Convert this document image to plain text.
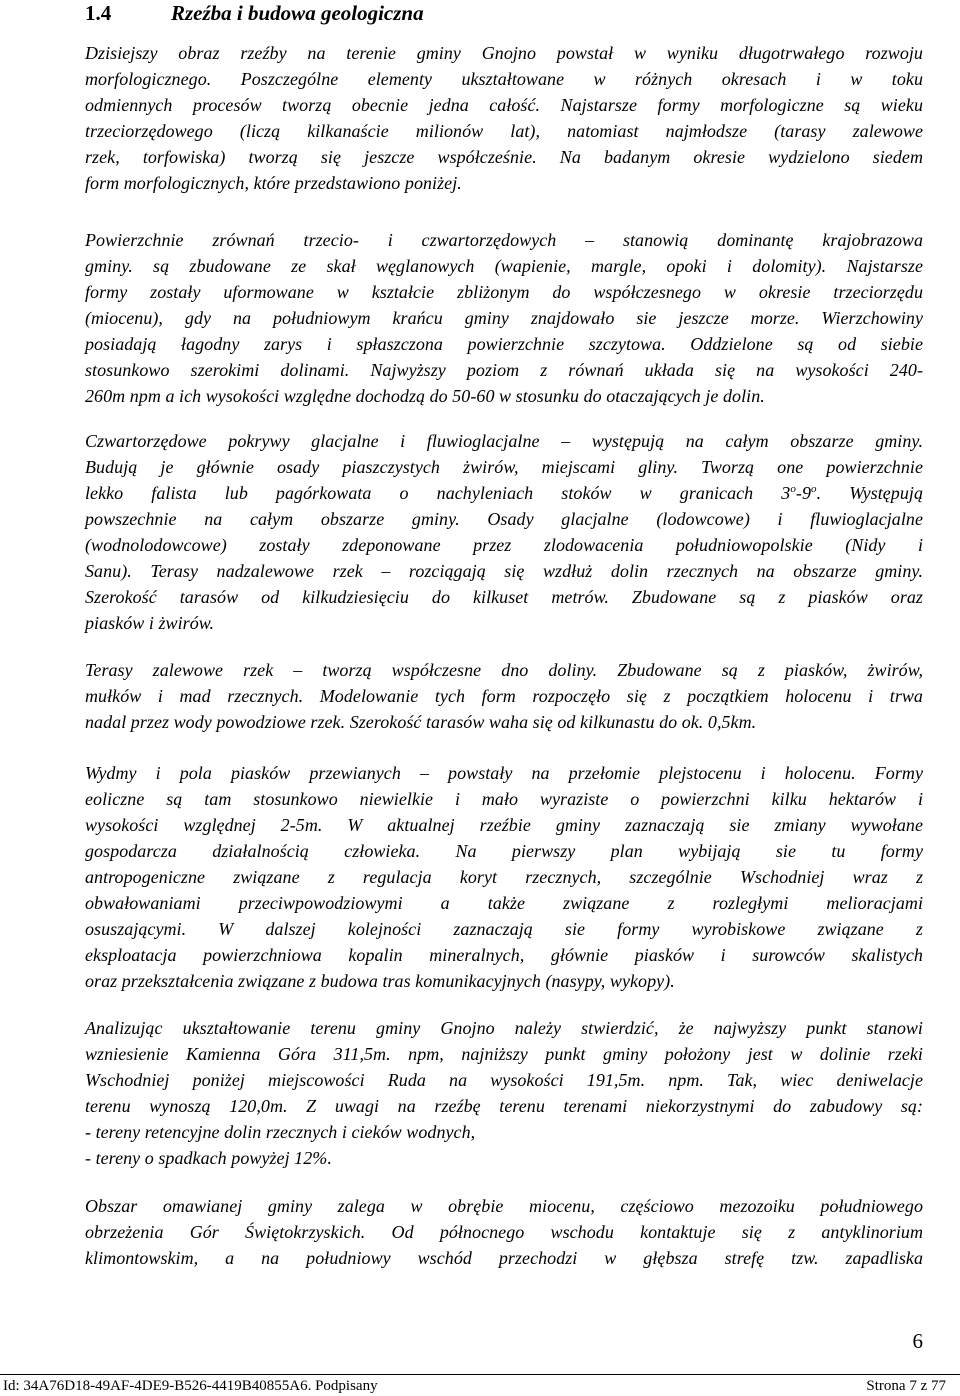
1.4	Rzeźba i budowa geologiczna
Dzisiejszy obraz rzeźby na terenie gminy Gnojno powstał w wyniku długotrwałego rozwoju
morfologicznego. Poszczególne elementy ukształtowane w różnych okresach i w toku
odmiennych procesów tworzą obecnie jedna całość. Najstarsze formy morfologiczne są wieku
trzeciorzędowego (liczą kilkanaście milionów lat), natomiast najmłodsze (tarasy zalewowe
rzek, torfowiska) tworzą się jeszcze współcześnie. Na badanym okresie wydzielono siedem
form morfologicznych, które przedstawiono poniżej.
Powierzchnie zrównań trzecio- i czwartorzędowych – stanowią dominantę krajobrazowa
gminy. są zbudowane ze skał węglanowych (wapienie, margle, opoki i dolomity). Najstarsze
formy zostały uformowane w kształcie zbliżonym do współczesnego w okresie trzeciorzędu
(miocenu), gdy na południowym krańcu gminy znajdowało sie jeszcze morze. Wierzchowiny
posiadają łagodny zarys i spłaszczona powierzchnie szczytowa. Oddzielone są od siebie
stosunkowo szerokimi dolinami. Najwyższy poziom z równań układa się na wysokości 240-
260m npm a ich wysokości względne dochodzą do 50-60 w stosunku do otaczających je dolin.
Czwartorzędowe pokrywy glacjalne i fluwioglacjalne – występują na całym obszarze gminy.
Budują je głównie osady piaszczystych żwirów, miejscami gliny. Tworzą one powierzchnie
lekko falista lub pagórkowata o nachyleniach stoków w granicach 3$^o$-9$^o$. Występują
powszechnie na całym obszarze gminy. Osady glacjalne (lodowcowe) i fluwioglacjalne
(wodnolodowcowe) zostały zdeponowane przez zlodowacenia południowopolskie (Nidy i
Sanu). Terasy nadzalewowe rzek – rozciągają się wzdłuż dolin rzecznych na obszarze gminy.
Szerokość tarasów od kilkudziesięciu do kilkuset metrów. Zbudowane są z piasków oraz
piasków i żwirów.
Terasy zalewowe rzek – tworzą współczesne dno doliny. Zbudowane są z piasków, żwirów,
mułków i mad rzecznych. Modelowanie tych form rozpoczęło się z początkiem holocenu i trwa
nadal przez wody powodziowe rzek. Szerokość tarasów waha się od kilkunastu do ok. 0,5km.
Wydmy i pola piasków przewianych – powstały na przełomie plejstocenu i holocenu. Formy
eoliczne są tam stosunkowo niewielkie i mało wyraziste o powierzchni kilku hektarów i
wysokości względnej 2-5m. W aktualnej rzeźbie gminy zaznaczają sie zmiany wywołane
gospodarcza działalnością człowieka. Na pierwszy plan wybijają sie tu formy
antropogeniczne związane z regulacja koryt rzecznych, szczególnie Wschodniej wraz z
obwałowaniami przeciwpowodziowymi a także związane z rozległymi melioracjami
osuszającymi. W dalszej kolejności zaznaczają sie formy wyrobiskowe związane z
eksploatacja powierzchniowa kopalin mineralnych, głównie piasków i surowców skalistych
oraz przekształcenia związane z budowa tras komunikacyjnych (nasypy, wykopy).
Analizując ukształtowanie terenu gminy Gnojno należy stwierdzić, że najwyższy punkt stanowi
wzniesienie Kamienna Góra 311,5m. npm, najniższy punkt gminy położony jest w dolinie rzeki
Wschodniej poniżej miejscowości Ruda na wysokości 191,5m. npm. Tak, wiec deniwelacje
terenu wynoszą 120,0m. Z uwagi na rzeźbę terenu terenami niekorzystnymi do zabudowy są:
- tereny retencyjne dolin rzecznych i cieków wodnych,
- tereny o spadkach powyżej 12%.
Obszar omawianej gminy zalega w obrębie miocenu, częściowo mezozoiku południowego
obrzeżenia Gór Świętokrzyskich. Od północnego wschodu kontaktuje się z antyklinorium
klimontowskim, a na południowy wschód przechodzi w głębsza strefę tzw. zapadliska
6
Id: 34A76D18-49AF-4DE9-B526-4419B40855A6. Podpisany	Strona 7 z 77
